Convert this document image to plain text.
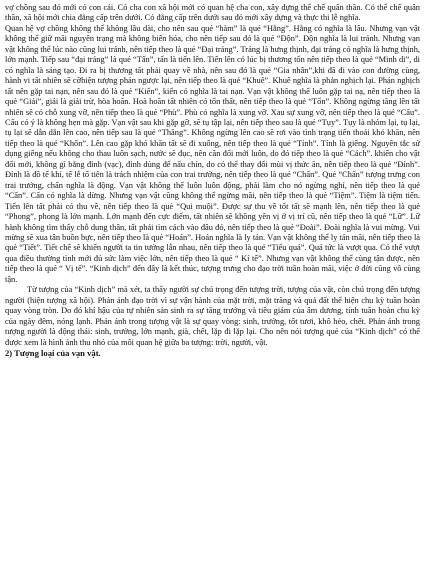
vợ chồng sau đó mới có con cái. Có cha con xã hội mới có quan hệ cha con, xây dựng thể chế quân thần. Có thể chế quân thần, xã hội mới chia đẳng cấp trên dưới. Có đẳng cấp trên dưới sau đó mới xây dựng và thực thi lễ nghĩa.

Quan hệ vợ chồng không thể không lâu dài, cho nên sau quẻ “hàm” là quẻ “Hằng”. Hằng có nghĩa là lâu. Nhưng vạn vật không thể giữ mãi nguyên trạng mà không biến hóa, cho nên tiếp sau đó là quẻ “Độn”. Độn nghĩa là lui tránh. Nhưng vạn vật không thể lúc nào cũng lui tránh, nên tiếp theo là quẻ “Đại tráng”. Tráng là hưng thịnh, đại tráng có nghĩa là hưng thịnh, lớn mạnh. Tiếp sau “đại tráng” là quẻ “Tấn”, tấn là tiến lên. Tiến lên có lúc bị thương tổn nên tiếp theo là quẻ “Minh di”, di có nghĩa là sáng tạo. Đi ra bị thương tất phải quay về nhà, nên sau đó là quẻ “Gia nhân”,khi đã đi vào con đường cùng, hành vi tất nhiên sẽ cỡhiện tượng phản ngược lại, nên tiếp theo là quẻ “Khuê”. Khuê nghĩa là phản nghịch lại. Phản nghịch tất nên gặp tai nạn, nên sau đó là quẻ “Kiển”, kiển có nghĩa là tai nạn. Vạn vật không thể luôn gặp tai nạ, nên tiếp theo là quẻ “Giải”, giải là giải trừ, hòa hoãn. Hoà hoãn tất nhiên có tổn thất, nên tiếp theo là quẻ “Tổn”. Không ngừng tăng lên tất nhiên sẽ có chỗ xung vỡ, nên tiếp theo là quẻ “Phù”. Phù có nghĩa là xung vỡ. Xau sự xung vỡ, nên tiếp theo là quẻ “Cấu”. Cấu có ý là không hẹn mà gặp. Vạn vật sau khi gặp gỡ, sẽ tụ tập lại, nên tiếp theo sau là quẻ “Tụy”. Tụy là nhóm lại, tụ lại, tụ lại sẽ dẫn dắn lên cao, nên tiếp sau là quẻ “Thăng”. Không ngừng lên cao sẽ rơi vào tình trạng tiến thoái khó khăn, nên tiếp theo là quẻ “Khốn”. Lên cao gặp khó khăn tất sẽ đi xuống, nên tiếp theo là quẻ “Tỉnh”. Tỉnh là giếng. Nguyên tắc sử dụng giếng nếu không cho thau luôn sạch, nước sẽ đục, nên cần đổi mới luôn, do đó tiếp theo là quẻ “Cách”. khiến cho vật đổi mới, không gì bằng đỉnh (vạc), đỉnh dùng để nấu chín, do có thể thay đổi mùi vị thức ăn, nên tiếp theo là quẻ “Đỉnh”. Đỉnh là đồ tế khí, tế lễ tổ tiên là trách nhiệm của con trai trưởng, nên tiếp theo là quẻ “Chấn”. Quẻ “Chấn” tượng trưng con trai trưởng, chấn nghĩa là động. Vạn vật không thể luôn luôn động, phải làm cho nó ngừng nghỉ, nên tiếp theo là quẻ “Cấn”. Cấn có nghĩa là dừng. Nhưng vạn vật cũng không thể ngừng mãi, nên tiếp theo là quẻ “Tiệm”. Tiệm là tiệm tiến. Tiến lên tất phải có thu về, nên tiếp theo là quẻ “Qui muội”. Được sự thu về tốt tất sẽ mạnh lên, nên tiếp theo là quẻ “Phong”, phong là lớn mạnh. Lớn mạnh đến cực điểm, tất nhiên sẽ không yên vị ở vị trí cũ, nên tiếp theo là quẻ “Lữ”. Lữ hành không tìm thấy chỗ dung thân, tất phải tìm cách vào đâu đó, nên tiếp theo là quẻ “Đoài”. Đoài nghĩa là vui mừng. Vui mừng sẽ xua tân buồn bực, nên tiếp theo là quẻ “Hoán”. Hoán nghĩa là ly tán. Vạn vật không thể ly tán mãi, nên tiếp theo là quẻ “Tiết”. Tiết chế sẽ khiến người ta tin tưởng lẫn nhau, nên tiếp theo là quẻ “Tiểu quá”. Quá tức là vượt qua. Có thể vượt qua điều thường tình mới đủ sức làm việc lớn, nên tiếp theo là quẻ “ Kí tế”. Nhưng vạn vật không thể cùng tận được, nên tiếp theo là quẻ “ Vị tế”. “Kinh dịch” đến đây là kết thúc, tượng trưng cho đạo trời tuần hoàn mãi, việc ở đời cũng vô cùng tận.

Từ tượng của “Kinh dịch” mà xét, ta thấy người sự chú trọng đến tượng trời, tượng của vật, còn chú trọng đến tượng người (hiện tượng xã hội). Phản ánh đạo trời vì sự vận hành của mặt trời, mặt trăng và quả đất thể hiện chu kỳ tuần hoàn quay vòng tròn. Do đó khí hậu của tự nhiên sản sinh ra sự tăng trưởng và tiêu giảm của âm dương, tính tuần hoàn chu kỳ của ngày đêm, nóng lạnh. Phản ánh trong tượng vật là sự quay vòng: sinh, trưởng, tốt tươi, khô héo, chết. Phản ánh trong tượng người là động thái: sinh, trưởng, lớn mạnh, già, chết, lặp đi lặp lại. Cho nên nói tượng quẻ của “Kinh dịch” có thể được xem là hình ảnh thu nhỏ của mối quan hệ giữa ba tượng: trời, người, vật.

2) Tượng loại của vạn vật.
